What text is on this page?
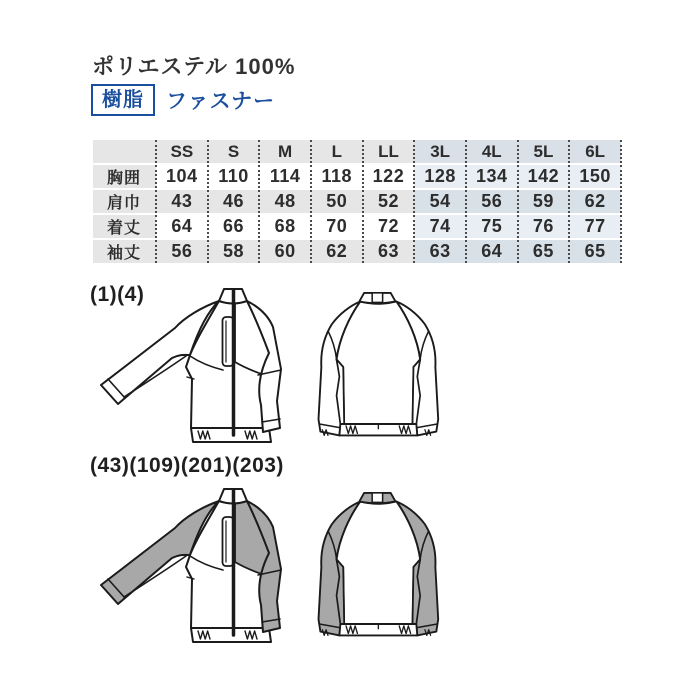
ポリエステル 100%
樹脂	ファスナー
	SS	S	M	L	LL	3L	4L	5L	6L
胸囲	104	110	114	118	122	128	134	142	150
肩巾	43	46	48	50	52	54	56	59	62
着丈	64	66	68	70	72	74	75	76	77
袖丈	56	58	60	62	63	63	64	65	65
(1)(4)
(43)(109)(201)(203)
